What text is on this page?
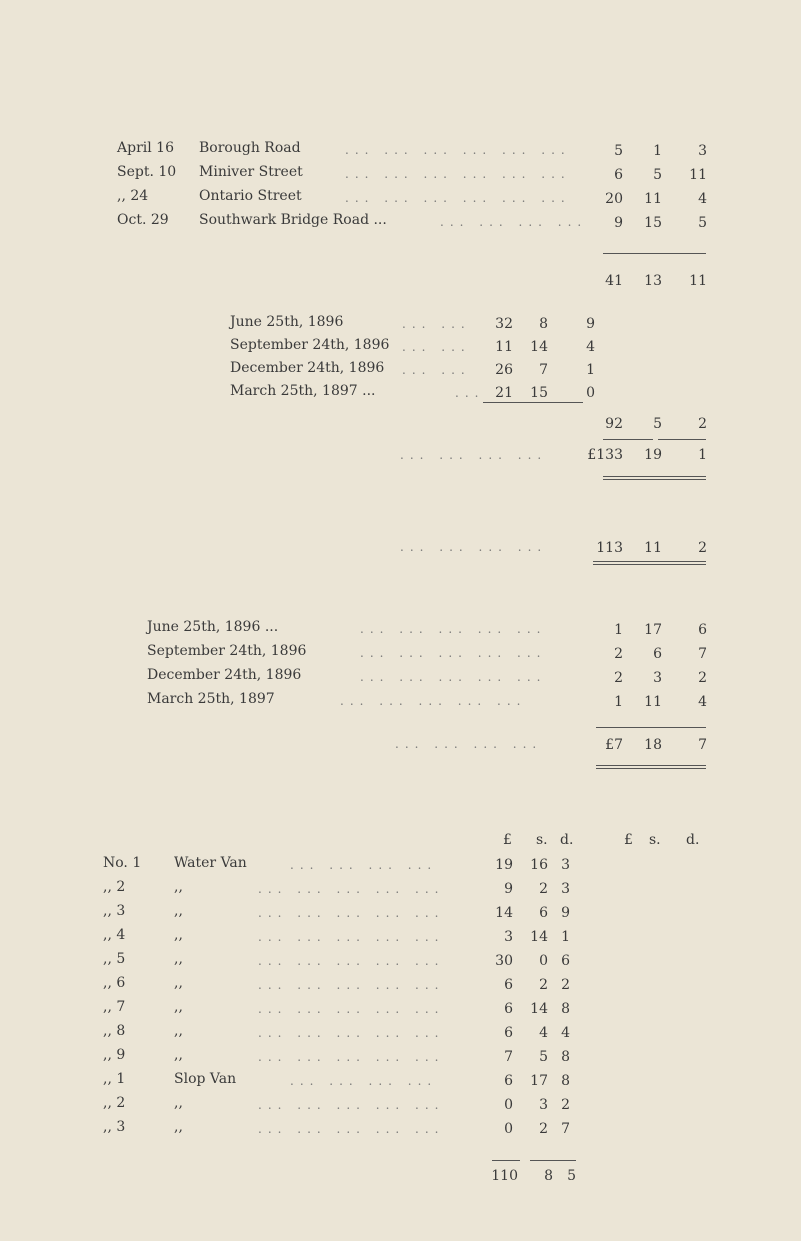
April 16 Borough Road	... ... ... ... ... ...	5	1	3
Sept. 10 Miniver Street	... ... ... ... ... ...	6	5	11
,, 24	Ontario Street	... ... ... ... ... ...	20	11	4
Oct. 29 Southwark Bridge Road ...	... ... ... ...	9	15	5
41	13	11
June 25th, 1896	... ...	32	8	9
September 24th, 1896 ... ...	11	14	4
December 24th, 1896 ... ...	26	7	1
March 25th, 1897 ...	... 21	15	0
92	5	2
... ... ... ...	£133	19	1
... ... ... ...	113	11	2
June 25th, 1896 ...	... ... ... ... ...	1	17	6
September 24th, 1896	... ... ... ... ...	2	6	7
December 24th, 1896	... ... ... ... ...	2	3	2
March 25th, 1897	... ... ... ... ...	1	11	4
... ... ... ...	£7	18	7
£ s. d.	£ s. d.
No. 1 Water Van	... ... ... ...	19	16 3
,, 2	,,	... ... ... ... ...	9	2 3
,, 3	,,	... ... ... ... ...	14	6 9
,, 4	,,	... ... ... ... ...	3	14 1
,, 5	,,	... ... ... ... ...	30	0 6
,, 6	,,	... ... ... ... ...	6	2 2
,, 7	,,	... ... ... ... ...	6	14 8
,, 8	,,	... ... ... ... ...	6	4 4
,, 9	,,	... ... ... ... ...	7	5 8
,, 1	Slop Van	... ... ... ...	6	17 8
,, 2	,,	... ... ... ... ...	0	3 2
,, 3	,,	... ... ... ... ...	0	2 7
110	8	5
